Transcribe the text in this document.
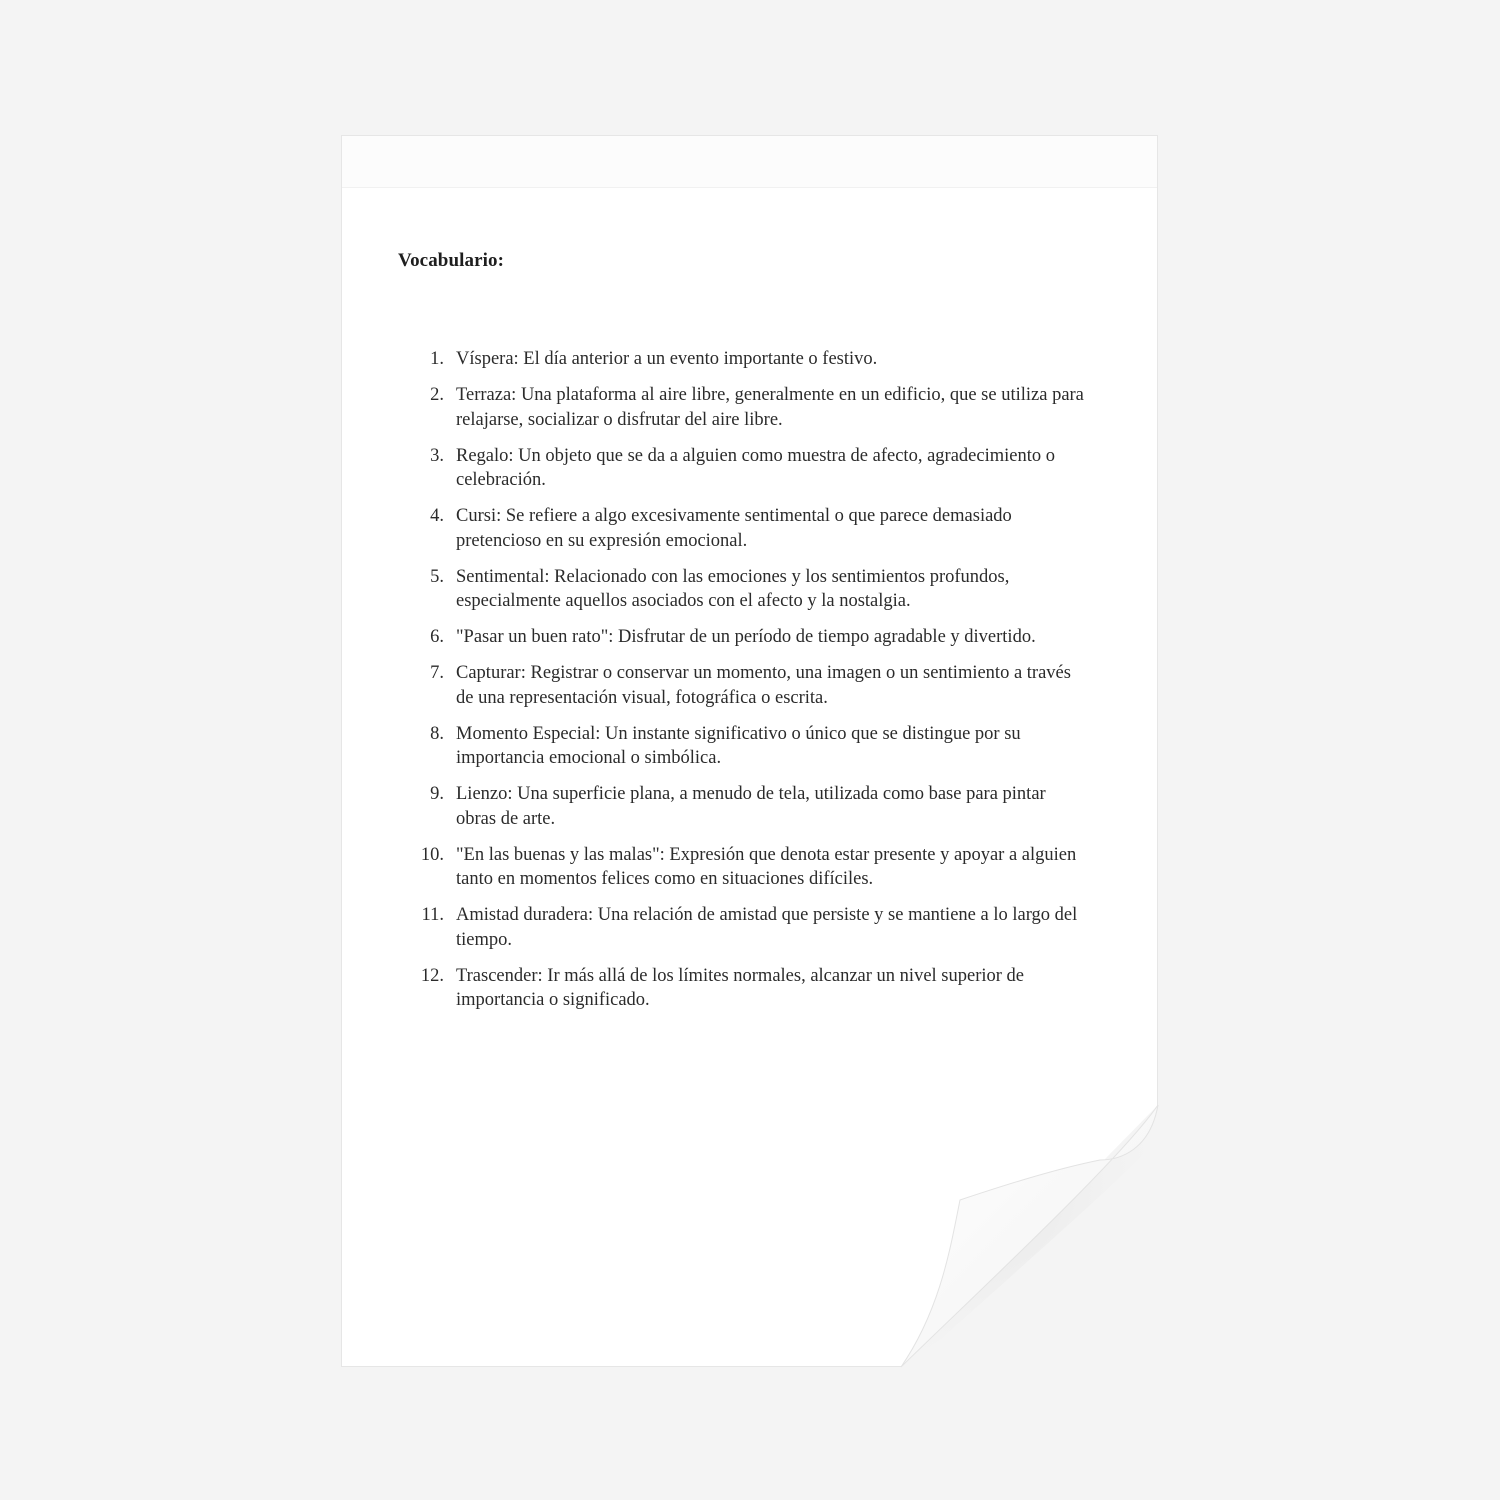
Vocabulario:
1. Víspera: El día anterior a un evento importante o festivo.
2. Terraza: Una plataforma al aire libre, generalmente en un edificio, que se utiliza para relajarse, socializar o disfrutar del aire libre.
3. Regalo: Un objeto que se da a alguien como muestra de afecto, agradecimiento o celebración.
4. Cursi: Se refiere a algo excesivamente sentimental o que parece demasiado pretencioso en su expresión emocional.
5. Sentimental: Relacionado con las emociones y los sentimientos profundos, especialmente aquellos asociados con el afecto y la nostalgia.
6. "Pasar un buen rato": Disfrutar de un período de tiempo agradable y divertido.
7. Capturar: Registrar o conservar un momento, una imagen o un sentimiento a través de una representación visual, fotográfica o escrita.
8. Momento Especial: Un instante significativo o único que se distingue por su importancia emocional o simbólica.
9. Lienzo: Una superficie plana, a menudo de tela, utilizada como base para pintar obras de arte.
10. "En las buenas y las malas": Expresión que denota estar presente y apoyar a alguien tanto en momentos felices como en situaciones difíciles.
11. Amistad duradera: Una relación de amistad que persiste y se mantiene a lo largo del tiempo.
12. Trascender: Ir más allá de los límites normales, alcanzar un nivel superior de importancia o significado.
